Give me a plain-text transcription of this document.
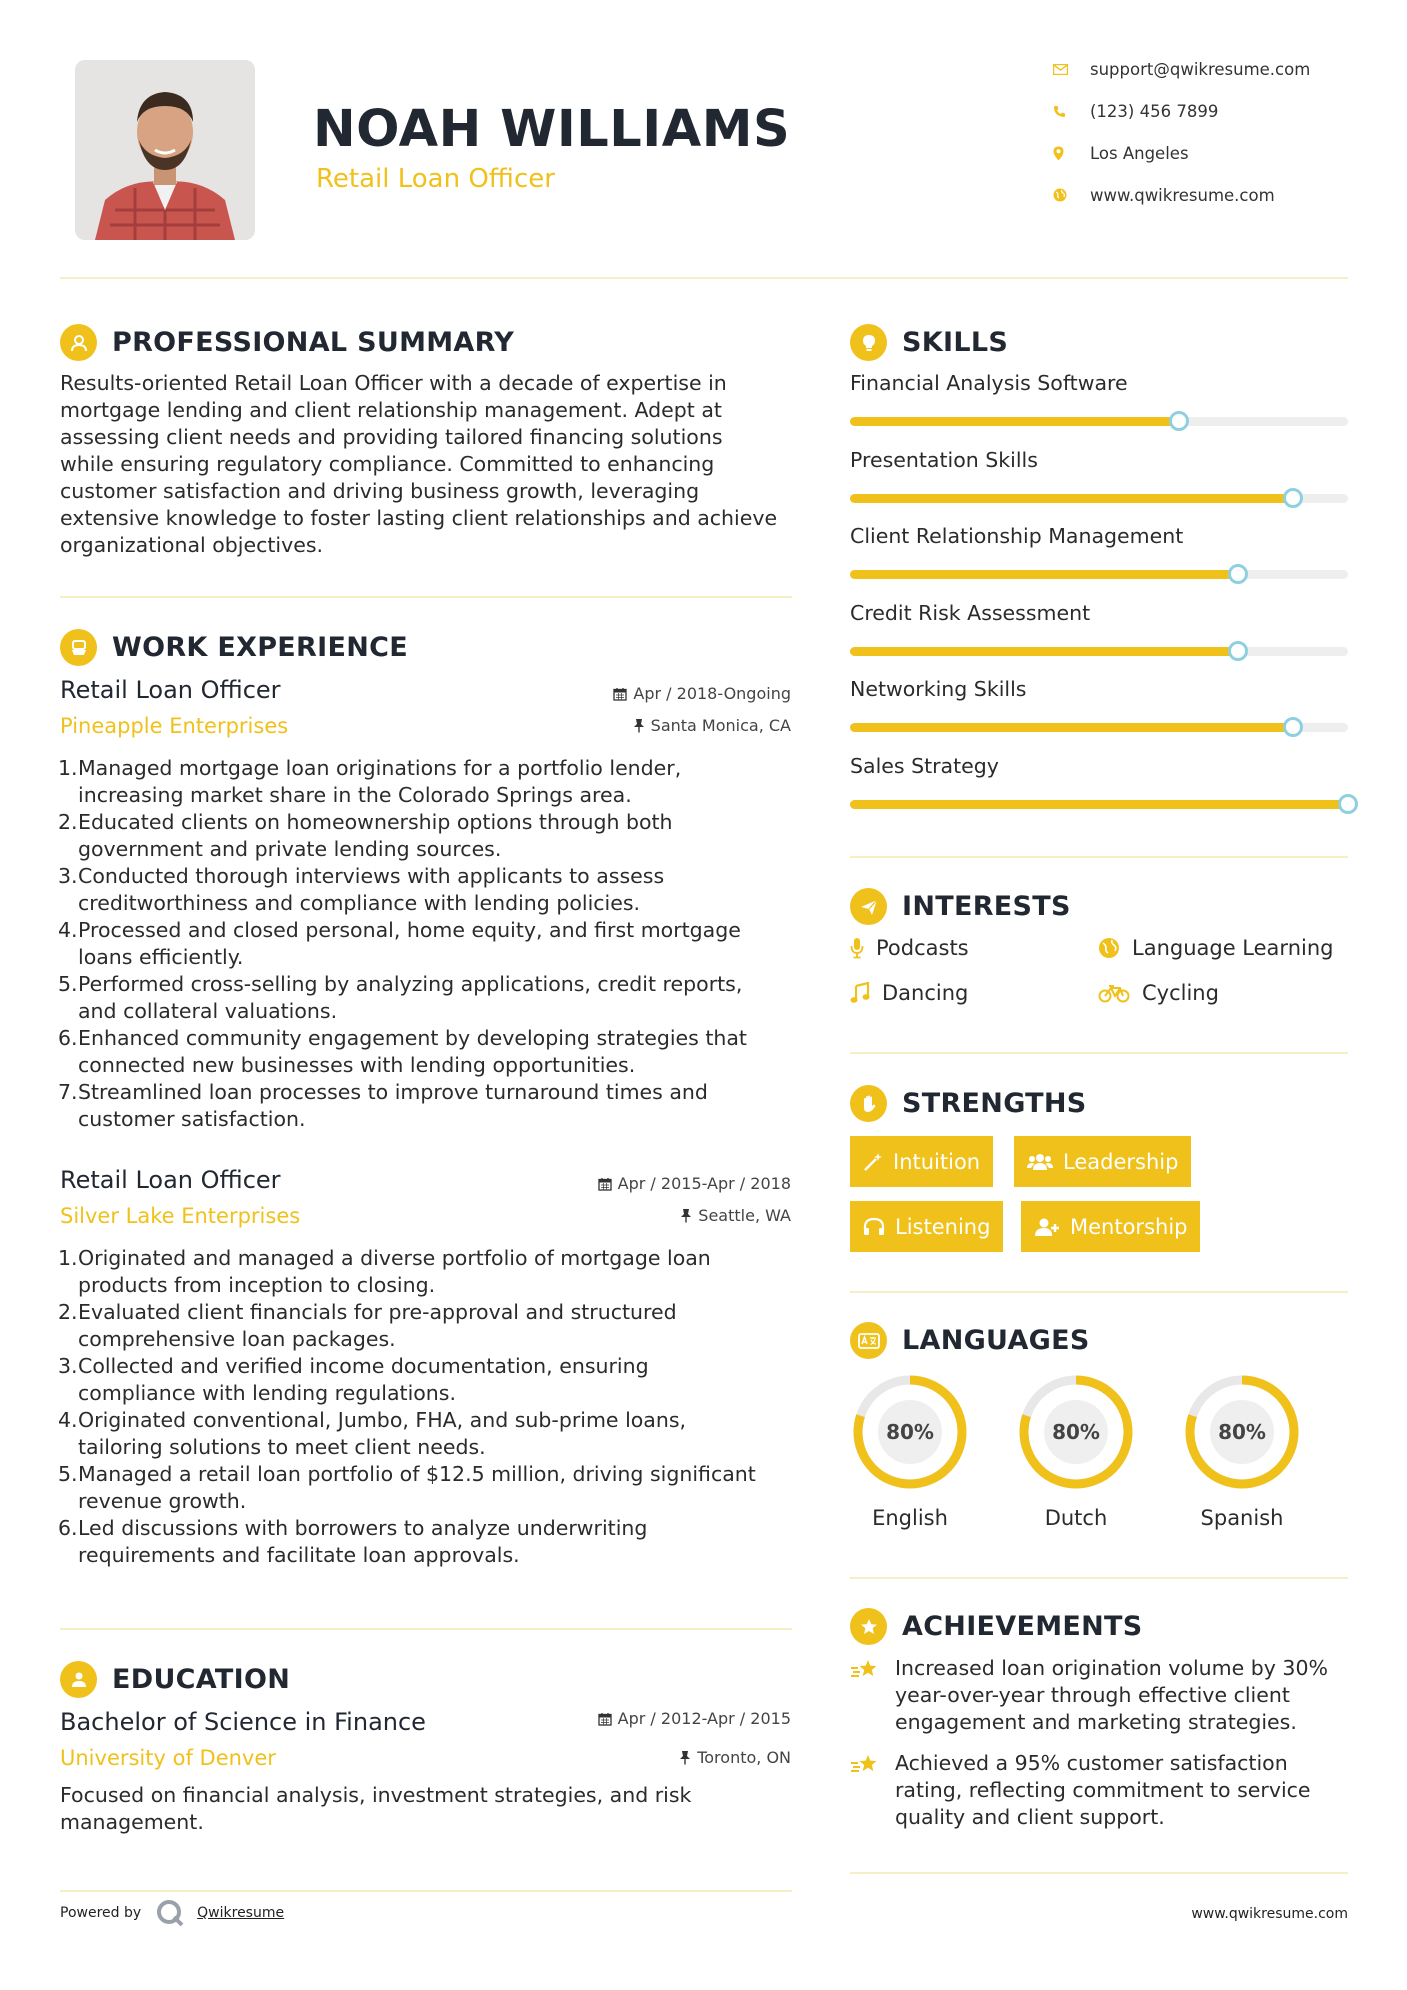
NOAH WILLIAMS
Retail Loan Officer
support@qwikresume.com
(123) 456 7899
Los Angeles
www.qwikresume.com
PROFESSIONAL SUMMARY
Results-oriented Retail Loan Officer with a decade of expertise in
mortgage lending and client relationship management. Adept at
assessing client needs and providing tailored financing solutions
while ensuring regulatory compliance. Committed to enhancing
customer satisfaction and driving business growth, leveraging
extensive knowledge to foster lasting client relationships and achieve
organizational objectives.
WORK EXPERIENCE
Retail Loan Officer
Pineapple Enterprises
Apr / 2018-Ongoing
Santa Monica, CA
1. Managed mortgage loan originations for a portfolio lender,
increasing market share in the Colorado Springs area.
2. Educated clients on homeownership options through both
government and private lending sources.
3. Conducted thorough interviews with applicants to assess
creditworthiness and compliance with lending policies.
4. Processed and closed personal, home equity, and first mortgage
loans efficiently.
5. Performed cross-selling by analyzing applications, credit reports,
and collateral valuations.
6. Enhanced community engagement by developing strategies that
connected new businesses with lending opportunities.
7. Streamlined loan processes to improve turnaround times and
customer satisfaction.
Retail Loan Officer
Silver Lake Enterprises
Apr / 2015-Apr / 2018
Seattle, WA
1. Originated and managed a diverse portfolio of mortgage loan
products from inception to closing.
2. Evaluated client financials for pre-approval and structured
comprehensive loan packages.
3. Collected and verified income documentation, ensuring
compliance with lending regulations.
4. Originated conventional, Jumbo, FHA, and sub-prime loans,
tailoring solutions to meet client needs.
5. Managed a retail loan portfolio of $12.5 million, driving significant
revenue growth.
6. Led discussions with borrowers to analyze underwriting
requirements and facilitate loan approvals.
EDUCATION
Bachelor of Science in Finance
University of Denver
Apr / 2012-Apr / 2015
Toronto, ON
Focused on financial analysis, investment strategies, and risk
management.
Powered by	Qwikresume
SKILLS
Financial Analysis Software
Presentation Skills
Client Relationship Management
Credit Risk Assessment
Networking Skills
Sales Strategy
INTERESTS
Podcasts	Language Learning
Dancing	Cycling
STRENGTHS
Intuition	Leadership
Listening	Mentorship
LANGUAGES
80%
English
80%
Dutch
80%
Spanish
ACHIEVEMENTS
Increased loan origination volume by 30%
year-over-year through effective client
engagement and marketing strategies.
Achieved a 95% customer satisfaction
rating, reflecting commitment to service
quality and client support.
www.qwikresume.com
